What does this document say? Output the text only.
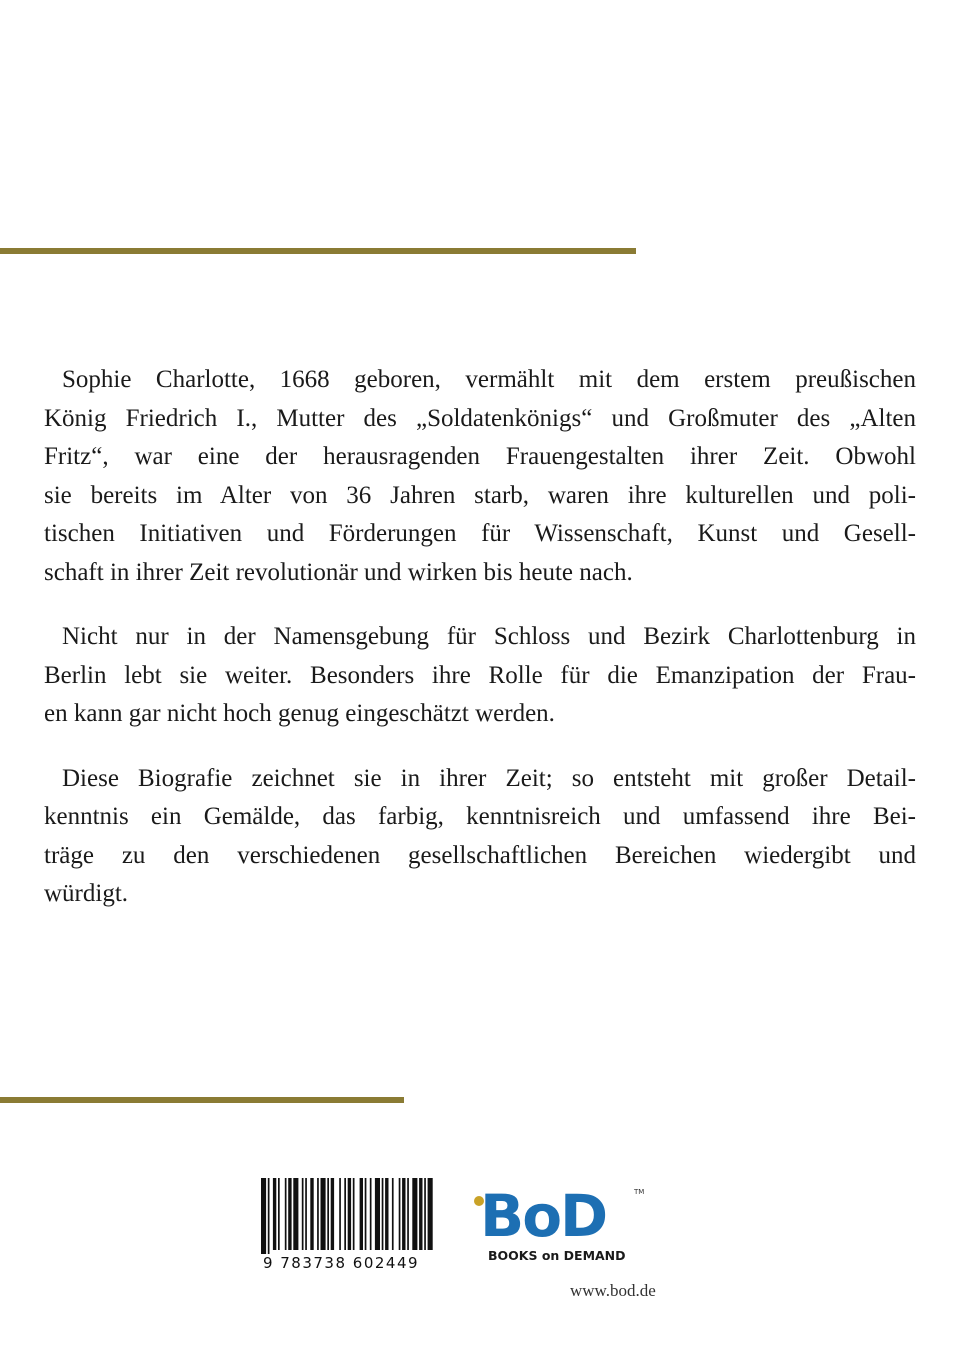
Sophie Charlotte, 1668 geboren, vermählt mit dem erstem preußischen
König Friedrich I., Mutter des „Soldatenkönigs“ und Großmuter des „Alten
Fritz“, war eine der herausragenden Frauengestalten ihrer Zeit. Obwohl
sie bereits im Alter von 36 Jahren starb, waren ihre kulturellen und poli-
tischen Initiativen und Förderungen für Wissenschaft, Kunst und Gesell-
schaft in ihrer Zeit revolutionär und wirken bis heute nach.

Nicht nur in der Namensgebung für Schloss und Bezirk Charlottenburg in
Berlin lebt sie weiter. Besonders ihre Rolle für die Emanzipation der Frau-
en kann gar nicht hoch genug eingeschätzt werden.

Diese Biografie zeichnet sie in ihrer Zeit; so entsteht mit großer Detail-
kenntnis ein Gemälde, das farbig, kenntnisreich und umfassend ihre Bei-
träge zu den verschiedenen gesellschaftlichen Bereichen wiedergibt und
würdigt.

9 783738 602449
BoD	TM
BOOKS on DEMAND
www.bod.de
